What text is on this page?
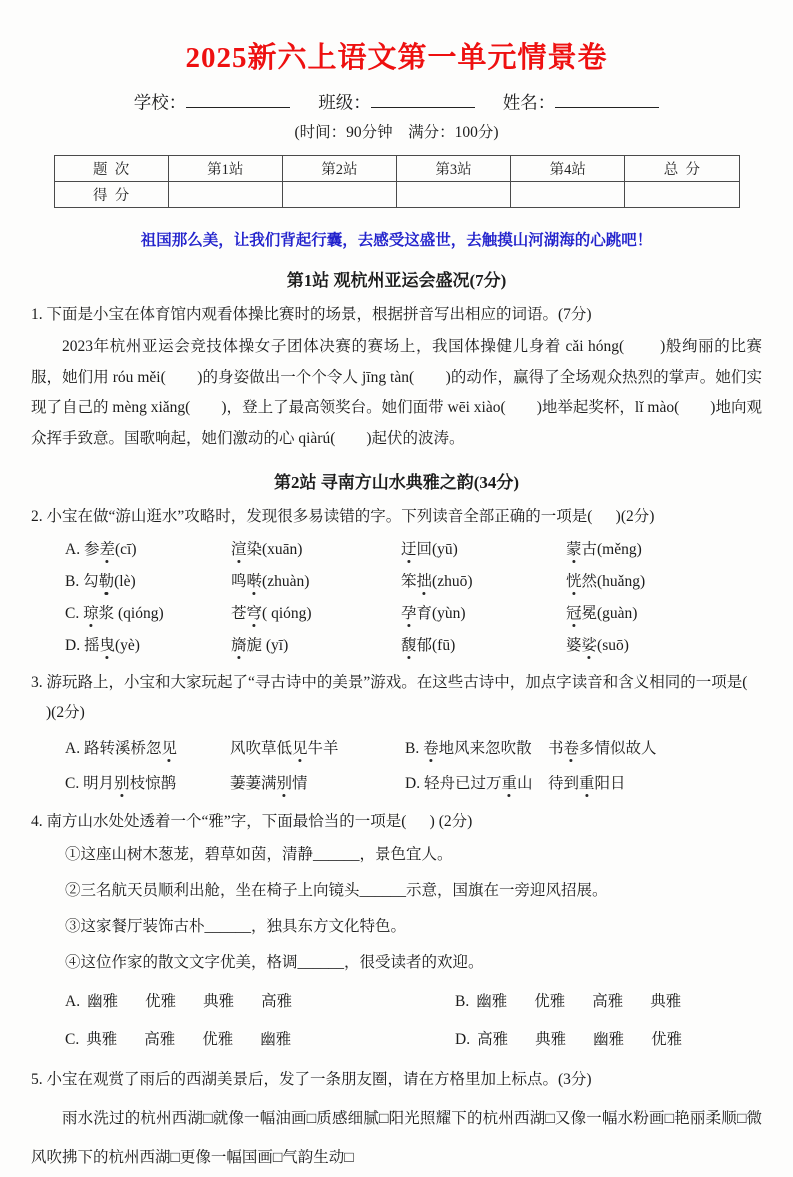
2025新六上语文第一单元情景卷
学校：	班级：	姓名：
(时间：90分钟    满分：100分)
题  次	第1站	第2站	第3站	第4站	总  分
得  分					
祖国那么美，让我们背起行囊，去感受这盛世，去触摸山河湖海的心跳吧！
第1站 观杭州亚运会盛况(7分)
1. 下面是小宝在体育馆内观看体操比赛时的场景，根据拼音写出相应的词语。(7分)

2023年杭州亚运会竞技体操女子团体决赛的赛场上，我国体操健儿身着 cǎi hóng(        )般绚丽的比赛服，她们用 róu měi(        )的身姿做出一个个令人 jīng tàn(        )的动作，赢得了全场观众热烈的掌声。她们实现了自己的 mèng xiǎng(        )，登上了最高领奖台。她们面带 wēi xiào(        )地举起奖杯，lǐ mào(        )地向观众挥手致意。国歌响起，她们激动的心 qiàrú(        )起伏的波涛。

第2站 寻南方山水典雅之韵(34分)
2. 小宝在做“游山逛水”攻略时，发现很多易读错的字。下列读音全部正确的一项是(      )(2分)
A. 参差(cī)	渲染(xuān)	迂回(yū)	蒙古(měng)
B. 勾勒(lè)	鸣啭(zhuàn)	笨拙(zhuō)	恍然(huǎng)
C. 琼浆 (qióng)	苍穹( qióng)	孕育(yùn)	冠冕(guàn)
D. 摇曳(yè)	旖旎 (yī)	馥郁(fū)	婆娑(suō)
3. 游玩路上，小宝和大家玩起了“寻古诗中的美景”游戏。在这些古诗中，加点字读音和含义相同的一项是(      )(2分)
A. 路转溪桥忽见	风吹草低见牛羊	B. 卷地风来忽吹散	书卷多情似故人
C. 明月别枝惊鹊	萋萋满别情	D. 轻舟已过万重山	待到重阳日
4. 南方山水处处透着一个“雅”字，下面最恰当的一项是(      ) (2分)
①这座山树木葱茏，碧草如茵，清静______，景色宜人。
②三名航天员顺利出舱，坐在椅子上向镜头______示意，国旗在一旁迎风招展。
③这家餐厅装饰古朴______，独具东方文化特色。
④这位作家的散文文字优美，格调______，很受读者的欢迎。
A. 幽雅 优雅 典雅 高雅	B. 幽雅 优雅 高雅 典雅
C. 典雅 高雅 优雅 幽雅	D. 高雅 典雅 幽雅 优雅
5. 小宝在观赏了雨后的西湖美景后，发了一条朋友圈，请在方格里加上标点。(3分)

雨水洗过的杭州西湖□就像一幅油画□质感细腻□阳光照耀下的杭州西湖□又像一幅水粉画□艳丽柔顺□微风吹拂下的杭州西湖□更像一幅国画□气韵生动□
